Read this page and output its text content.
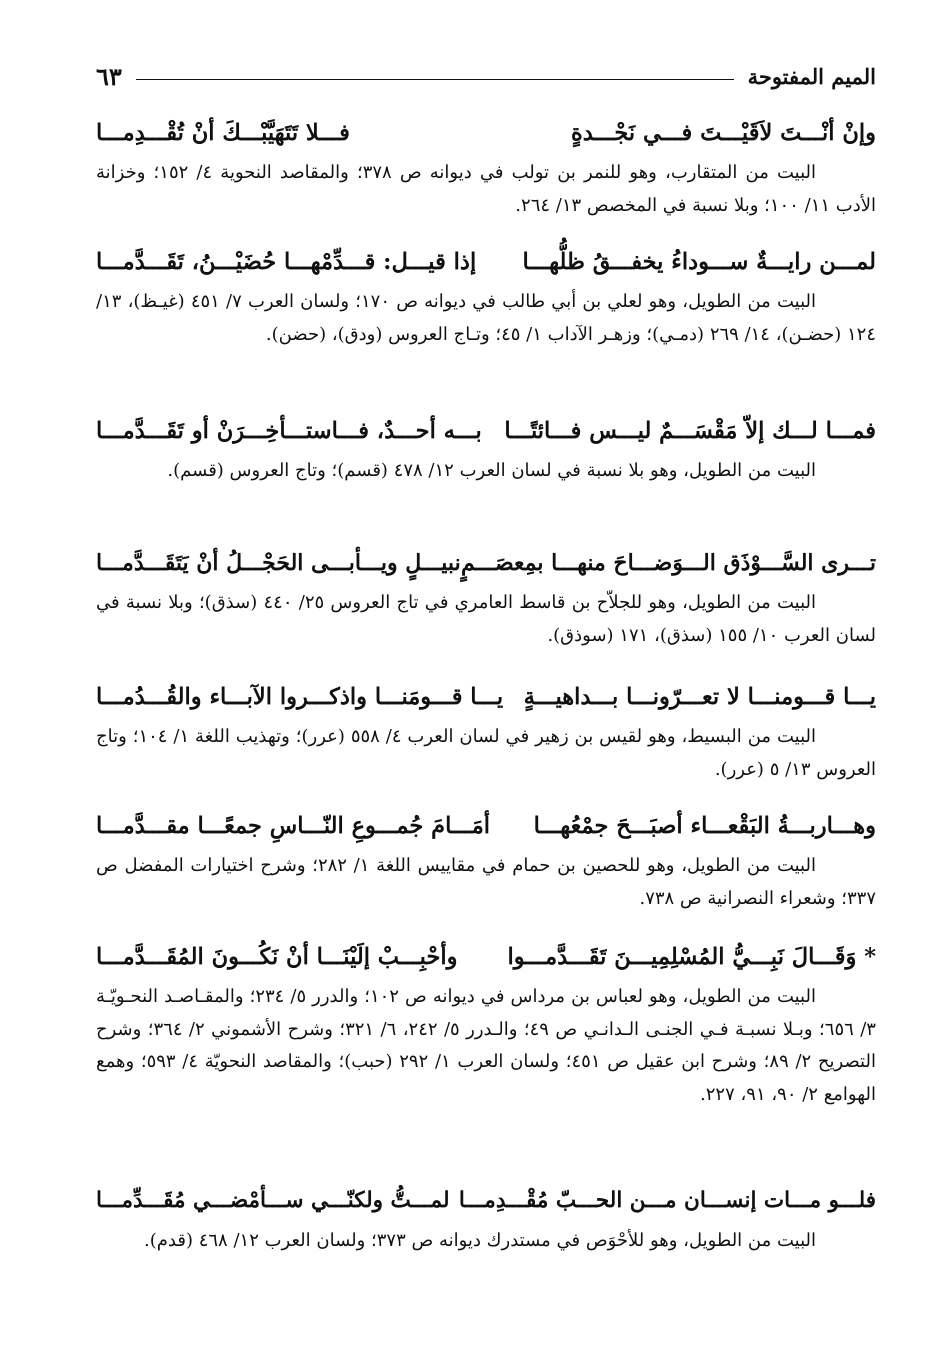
الميم المفتوحة
٦٣
وإنْ أنْـــتَ لاَقَيْـــتَ فـــي نَجْـــدةٍ
فـــلا تَتَهَيَّبْـــكَ أنْ تُقْـــدِمـــا
البيت من المتقارب، وهو للنمر بن تولب في ديوانه ص ٣٧٨؛ والمقاصد النحوية ٤/ ١٥٢؛ وخزانة الأدب ١١/ ١٠٠؛ وبلا نسبة في المخصص ١٣/ ٢٦٤.
لمـــن رايـــةٌ ســـوداءُ يخفـــقُ ظلُّهـــا
إذا قيـــل: قـــدِّمْهـــا حُضَيْـــنُ، تَقَـــدَّمـــا
البيت من الطويل، وهو لعلي بن أبي طالب في ديوانه ص ١٧٠؛ ولسان العرب ٧/ ٤٥١ (غيـظ)، ١٣/ ١٢٤ (حضـن)، ١٤/ ٢٦٩ (دمـي)؛ وزهـر الآداب ١/ ٤٥؛ وتـاج العروس (ودق)، (حضن).
فمـــا لـــك إلاّ مَقْسَـــمٌ ليـــس فـــائتًـــا
بـــه أحـــدٌ، فـــاستـــأخِـــرَنْ أو تَقَـــدَّمـــا
البيت من الطويل، وهو بلا نسبة في لسان العرب ١٢/ ٤٧٨ (قسم)؛ وتاج العروس (قسم).
تـــرى السَّـــوْذَق الـــوَضـــاحَ منهـــا بمِعصَـــمٍ
نبيـــلٍ ويـــأبـــى الحَجْـــلُ أنْ يَتَقَـــدَّمـــا
البيت من الطويل، وهو للجلاّح بن قاسط العامري في تاج العروس ٢٥/ ٤٤٠ (سذق)؛ وبلا نسبة في لسان العرب ١٠/ ١٥٥ (سذق)، ١٧١ (سوذق).
يـــا قـــومنـــا لا تعـــرّونـــا بـــداهيـــةٍ
يـــا قـــومَنـــا واذكـــروا الآبـــاء والقُـــدُمـــا
البيت من البسيط، وهو لقيس بن زهير في لسان العرب ٤/ ٥٥٨ (عرر)؛ وتهذيب اللغة ١/ ١٠٤؛ وتاج العروس ١٣/ ٥ (عرر).
وهـــاربـــةُ البَقْعـــاء أصبَـــحَ جمْعُهـــا
أمَـــامَ جُمـــوعِ النّـــاسِ جمعًـــا مقـــدَّمـــا
البيت من الطويل، وهو للحصين بن حمام في مقاييس اللغة ١/ ٢٨٢؛ وشرح اختيارات المفضل ص ٣٣٧؛ وشعراء النصرانية ص ٧٣٨.
* وَقَـــالَ نَبِـــيُّ المُسْلِمِيـــنَ تَقَـــدَّمـــوا
وأحْبِـــبْ إلَيْنَـــا أنْ نَكُـــونَ المُقَـــدَّمـــا
البيت من الطويل، وهو لعباس بن مرداس في ديوانه ص ١٠٢؛ والدرر ٥/ ٢٣٤؛ والمقـاصـد النحـويّـة ٣/ ٦٥٦؛ وبـلا نسبـة فـي الجنـى الـدانـي ص ٤٩؛ والـدرر ٥/ ٢٤٢، ٦/ ٣٢١؛ وشرح الأشموني ٢/ ٣٦٤؛ وشرح التصريح ٢/ ٨٩؛ وشرح ابن عقيل ص ٤٥١؛ ولسان العرب ١/ ٢٩٢ (حبب)؛ والمقاصد النحويّة ٤/ ٥٩٣؛ وهمع الهوامع ٢/ ٩٠، ٩١، ٢٢٧.
فلـــو مـــات إنســـان مـــن الحـــبّ مُقْـــدِمـــا
لمـــتُّ ولكنّـــي ســـأمْضـــي مُقَـــدِّمـــا
البيت من الطويل، وهو للأحْوَص في مستدرك ديوانه ص ٣٧٣؛ ولسان العرب ١٢/ ٤٦٨ (قدم).
